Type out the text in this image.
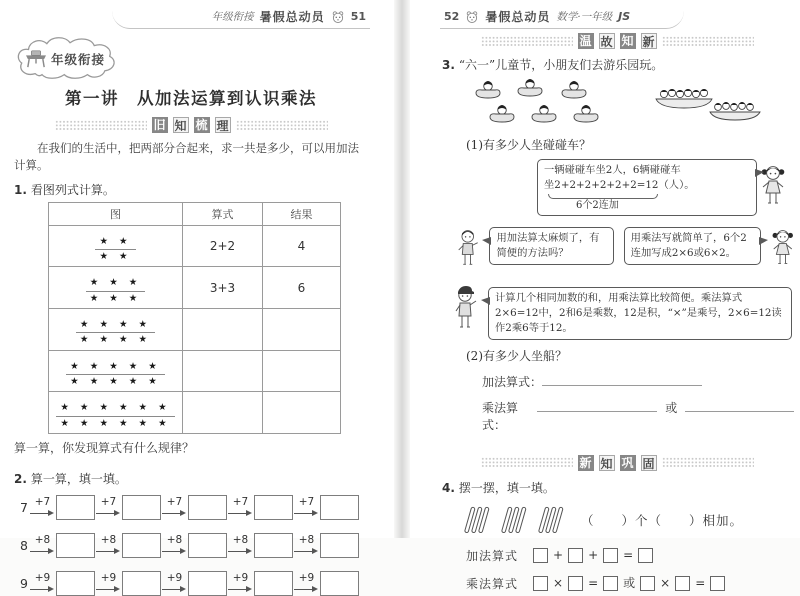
年级衔接 暑假总动员 51
年级衔接
第一讲　从加法运算到认识乘法
旧 知 梳 理

在我们的生活中，把两部分合起来，求一共是多少，可以用加法计算。

1. 看图列式计算。
图	算式	结果
★ ★
★ ★	2+2	4
★ ★ ★
★ ★ ★	3+3	6
★ ★ ★ ★
★ ★ ★ ★		

★ ★ ★ ★ ★
★ ★ ★ ★ ★		

★ ★ ★ ★ ★ ★
★ ★ ★ ★ ★ ★		

算一算，你发现算式有什么规律？

2. 算一算，填一填。
7 +7	+7	+7	+7	+7
8 +8	+8	+8	+8	+8
9 +9	+9	+9	+9	+9
52 暑假总动员 数学·一年级 JS
温 故 知 新
3. “六一”儿童节，小朋友们去游乐园玩。
(1)有多少人坐碰碰车？
一辆碰碰车坐2人，6辆碰碰车
坐2+2+2+2+2+2=12（人）。
6个2连加
用加法算太麻烦了，有简便的方法吗？
用乘法写就简单了，6个2连加写成2×6或6×2。
计算几个相同加数的和，用乘法算比较简便。乘法算式2×6=12中，2和6是乘数，12是积，“×”是乘号，2×6=12读作2乘6等于12。
(2)有多少人坐船？
加法算式：
乘法算式：
或
新 知 巩 固
4. 摆一摆，填一填。
（　　）个（　　）相加。
加法算式	+ + =
乘法算式	× = 或 × =
